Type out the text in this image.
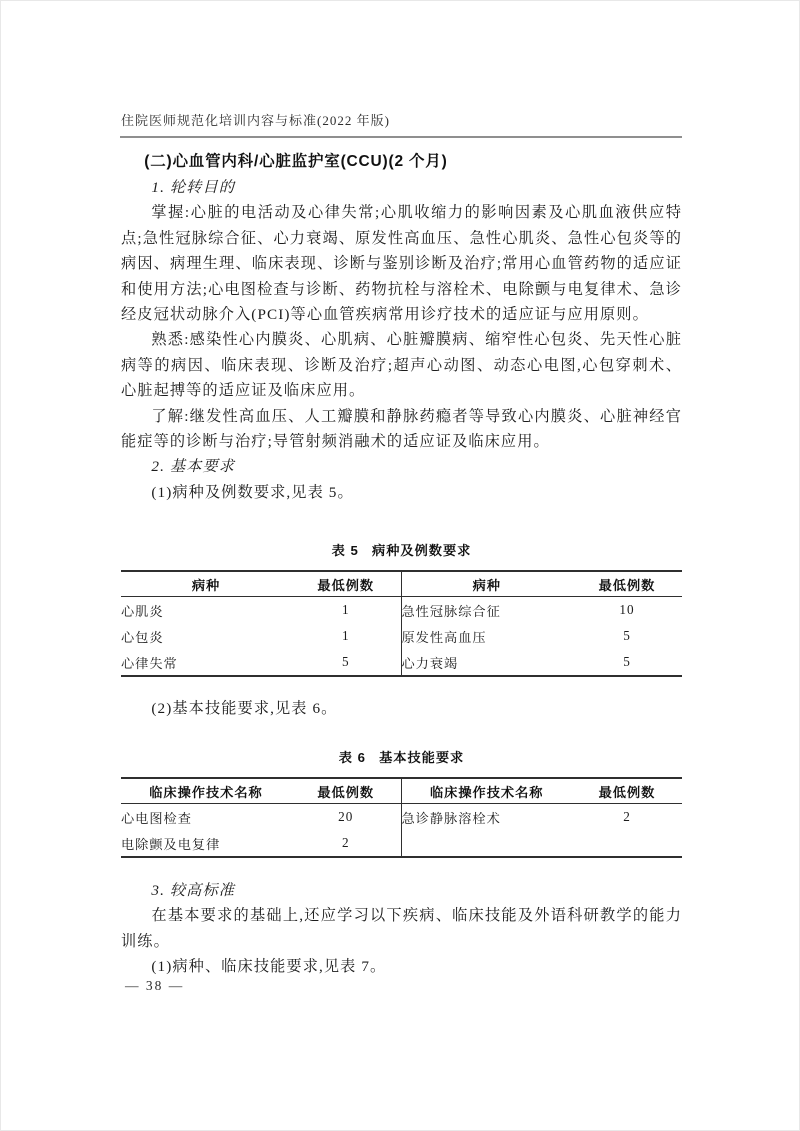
住院医师规范化培训内容与标准(2022 年版)
(二)心血管内科/心脏监护室(CCU)(2 个月)

1. 轮转目的

掌握:心脏的电活动及心律失常;心肌收缩力的影响因素及心肌血液供应特点;急性冠脉综合征、心力衰竭、原发性高血压、急性心肌炎、急性心包炎等的病因、病理生理、临床表现、诊断与鉴别诊断及治疗;常用心血管药物的适应证和使用方法;心电图检查与诊断、药物抗栓与溶栓术、电除颤与电复律术、急诊经皮冠状动脉介入(PCI)等心血管疾病常用诊疗技术的适应证与应用原则。

熟悉:感染性心内膜炎、心肌病、心脏瓣膜病、缩窄性心包炎、先天性心脏病等的病因、临床表现、诊断及治疗;超声心动图、动态心电图,心包穿刺术、心脏起搏等的适应证及临床应用。

了解:继发性高血压、人工瓣膜和静脉药瘾者等导致心内膜炎、心脏神经官能症等的诊断与治疗;导管射频消融术的适应证及临床应用。

2. 基本要求

(1)病种及例数要求,见表 5。

表 5 病种及例数要求
病种	最低例数	病种	最低例数
心肌炎	1	急性冠脉综合征	10
心包炎	1	原发性高血压	5
心律失常	5	心力衰竭	5

(2)基本技能要求,见表 6。

表 6 基本技能要求
临床操作技术名称	最低例数	临床操作技术名称	最低例数
心电图检查	20	急诊静脉溶栓术	2
电除颤及电复律	2		

3. 较高标准

在基本要求的基础上,还应学习以下疾病、临床技能及外语科研教学的能力训练。

(1)病种、临床技能要求,见表 7。

— 38 —
